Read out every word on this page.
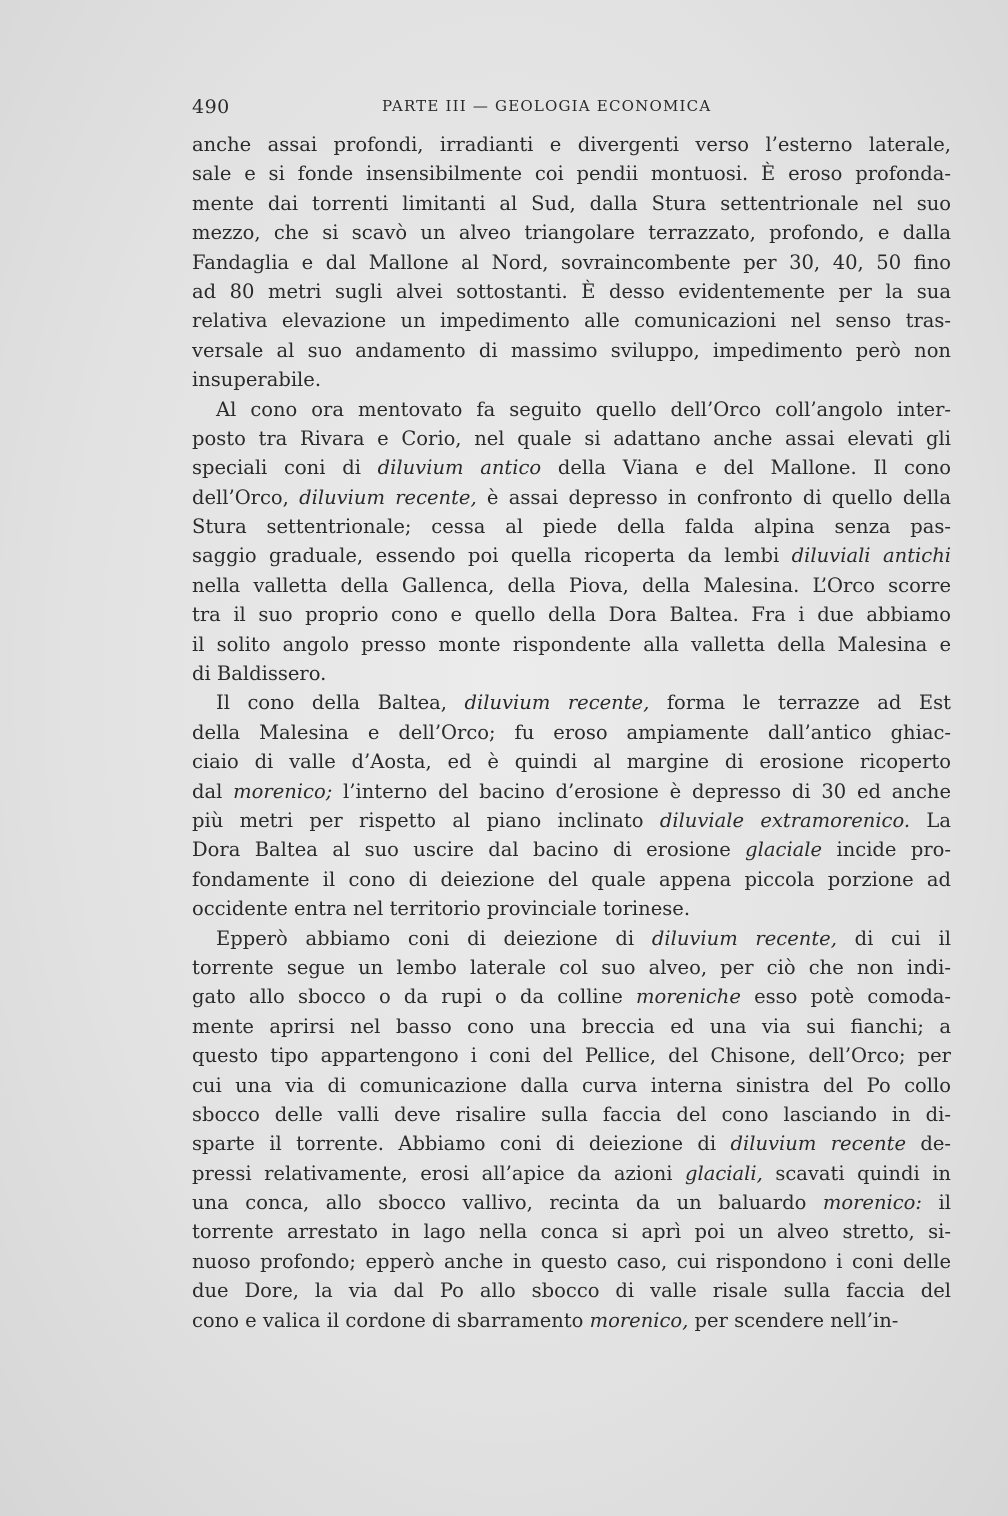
490	PARTE III — GEOLOGIA ECONOMICA
anche assai profondi, irradianti e divergenti verso l’esterno laterale,
sale e si fonde insensibilmente coi pendii montuosi. È eroso profonda-
mente dai torrenti limitanti al Sud, dalla Stura settentrionale nel suo
mezzo, che si scavò un alveo triangolare terrazzato, profondo, e dalla
Fandaglia e dal Mallone al Nord, sovraincombente per 30, 40, 50 fino
ad 80 metri sugli alvei sottostanti. È desso evidentemente per la sua
relativa elevazione un impedimento alle comunicazioni nel senso tras-
versale al suo andamento di massimo sviluppo, impedimento però non
insuperabile.
Al cono ora mentovato fa seguito quello dell’Orco coll’angolo inter-
posto tra Rivara e Corio, nel quale si adattano anche assai elevati gli
speciali coni di diluvium antico della Viana e del Mallone. Il cono
dell’Orco, diluvium recente, è assai depresso in confronto di quello della
Stura settentrionale; cessa al piede della falda alpina senza pas-
saggio graduale, essendo poi quella ricoperta da lembi diluviali antichi
nella valletta della Gallenca, della Piova, della Malesina. L’Orco scorre
tra il suo proprio cono e quello della Dora Baltea. Fra i due abbiamo
il solito angolo presso monte rispondente alla valletta della Malesina e
di Baldissero.
Il cono della Baltea, diluvium recente, forma le terrazze ad Est
della Malesina e dell’Orco; fu eroso ampiamente dall’antico ghiac-
ciaio di valle d’Aosta, ed è quindi al margine di erosione ricoperto
dal morenico; l’interno del bacino d’erosione è depresso di 30 ed anche
più metri per rispetto al piano inclinato diluviale extramorenico. La
Dora Baltea al suo uscire dal bacino di erosione glaciale incide pro-
fondamente il cono di deiezione del quale appena piccola porzione ad
occidente entra nel territorio provinciale torinese.
Epperò abbiamo coni di deiezione di diluvium recente, di cui il
torrente segue un lembo laterale col suo alveo, per ciò che non indi-
gato allo sbocco o da rupi o da colline moreniche esso potè comoda-
mente aprirsi nel basso cono una breccia ed una via sui fianchi; a
questo tipo appartengono i coni del Pellice, del Chisone, dell’Orco; per
cui una via di comunicazione dalla curva interna sinistra del Po collo
sbocco delle valli deve risalire sulla faccia del cono lasciando in di-
sparte il torrente. Abbiamo coni di deiezione di diluvium recente de-
pressi relativamente, erosi all’apice da azioni glaciali, scavati quindi in
una conca, allo sbocco vallivo, recinta da un baluardo morenico: il
torrente arrestato in lago nella conca si aprì poi un alveo stretto, si-
nuoso profondo; epperò anche in questo caso, cui rispondono i coni delle
due Dore, la via dal Po allo sbocco di valle risale sulla faccia del
cono e valica il cordone di sbarramento morenico, per scendere nell’in-
